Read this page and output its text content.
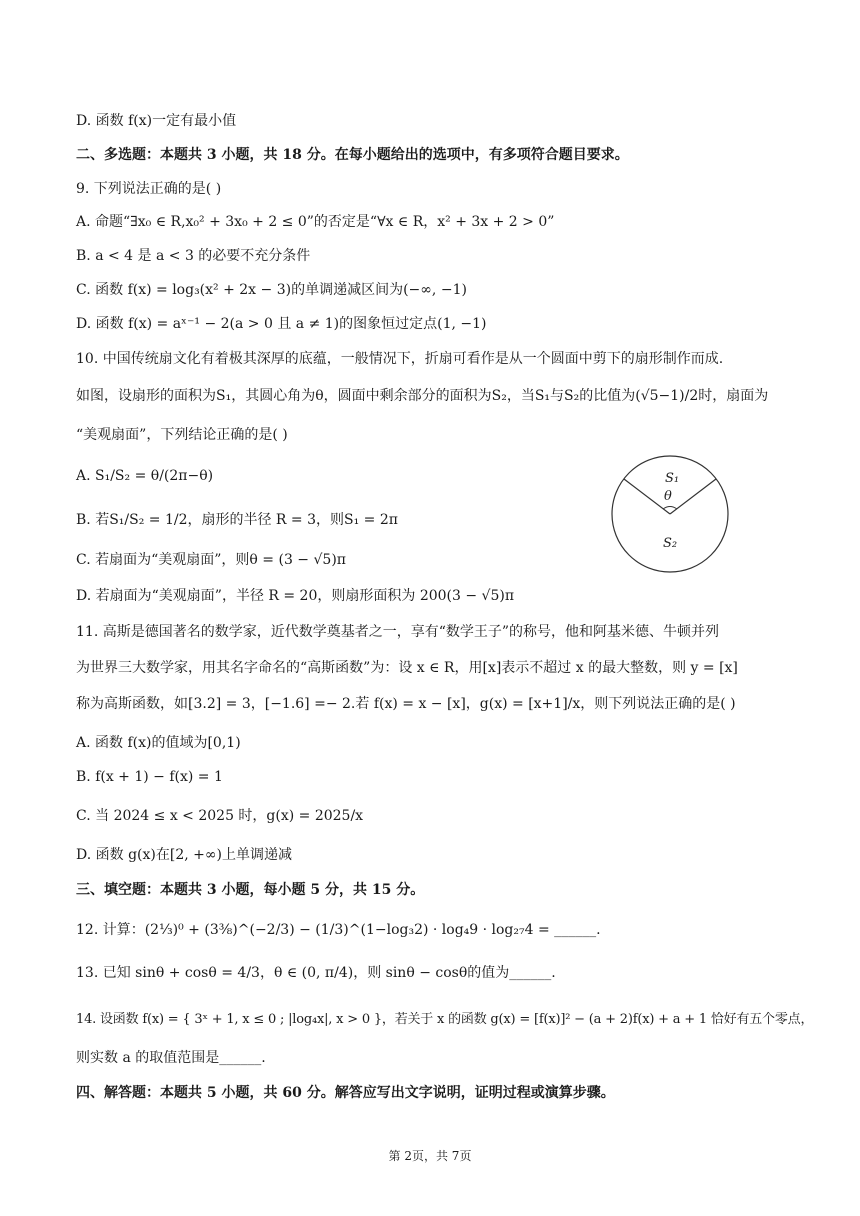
D. 函数 f(x)一定有最小值
二、多选题：本题共 3 小题，共 18 分。在每小题给出的选项中，有多项符合题目要求。
9. 下列说法正确的是( )
A. 命题“∃x₀ ∈ R,x₀² + 3x₀ + 2 ≤ 0”的否定是“∀x ∈ R，x² + 3x + 2 > 0”
B. a < 4 是 a < 3 的必要不充分条件
C. 函数 f(x) = log₃(x² + 2x − 3)的单调递减区间为(−∞, −1)
D. 函数 f(x) = aˣ⁻¹ − 2(a > 0 且 a ≠ 1)的图象恒过定点(1, −1)
10. 中国传统扇文化有着极其深厚的底蕴，一般情况下，折扇可看作是从一个圆面中剪下的扇形制作而成.
如图，设扇形的面积为S₁，其圆心角为θ，圆面中剩余部分的面积为S₂，当S₁与S₂的比值为(√5−1)/2时，扇面为
“美观扇面”，下列结论正确的是( )
A. S₁/S₂ = θ/(2π−θ)
B. 若S₁/S₂ = 1/2，扇形的半径 R = 3，则S₁ = 2π
C. 若扇面为“美观扇面”，则θ = (3 − √5)π
D. 若扇面为“美观扇面”，半径 R = 20，则扇形面积为 200(3 − √5)π
11. 高斯是德国著名的数学家，近代数学奠基者之一，享有“数学王子”的称号，他和阿基米德、牛顿并列
为世界三大数学家，用其名字命名的“高斯函数”为：设 x ∈ R，用[x]表示不超过 x 的最大整数，则 y = [x]
称为高斯函数，如[3.2] = 3，[−1.6] =− 2.若 f(x) = x − [x]，g(x) = [x+1]/x，则下列说法正确的是( )
A. 函数 f(x)的值域为[0,1)
B. f(x + 1) − f(x) = 1
C. 当 2024 ≤ x < 2025 时，g(x) = 2025/x
D. 函数 g(x)在[2, +∞)上单调递减
三、填空题：本题共 3 小题，每小题 5 分，共 15 分。
12. 计算：(2⅓)⁰ + (3⅜)^(−2/3) − (1/3)^(1−log₃2) · log₄9 · log₂₇4 = ______.
13. 已知 sinθ + cosθ = 4/3，θ ∈ (0, π/4)，则 sinθ − cosθ的值为______.
14. 设函数 f(x) = { 3ˣ + 1, x ≤ 0 ; |log₄x|, x > 0 }，若关于 x 的函数 g(x) = [f(x)]² − (a + 2)f(x) + a + 1 恰好有五个零点，
则实数 a 的取值范围是______.
四、解答题：本题共 5 小题，共 60 分。解答应写出文字说明，证明过程或演算步骤。
S₁
θ
S₂
第 2页，共 7页
